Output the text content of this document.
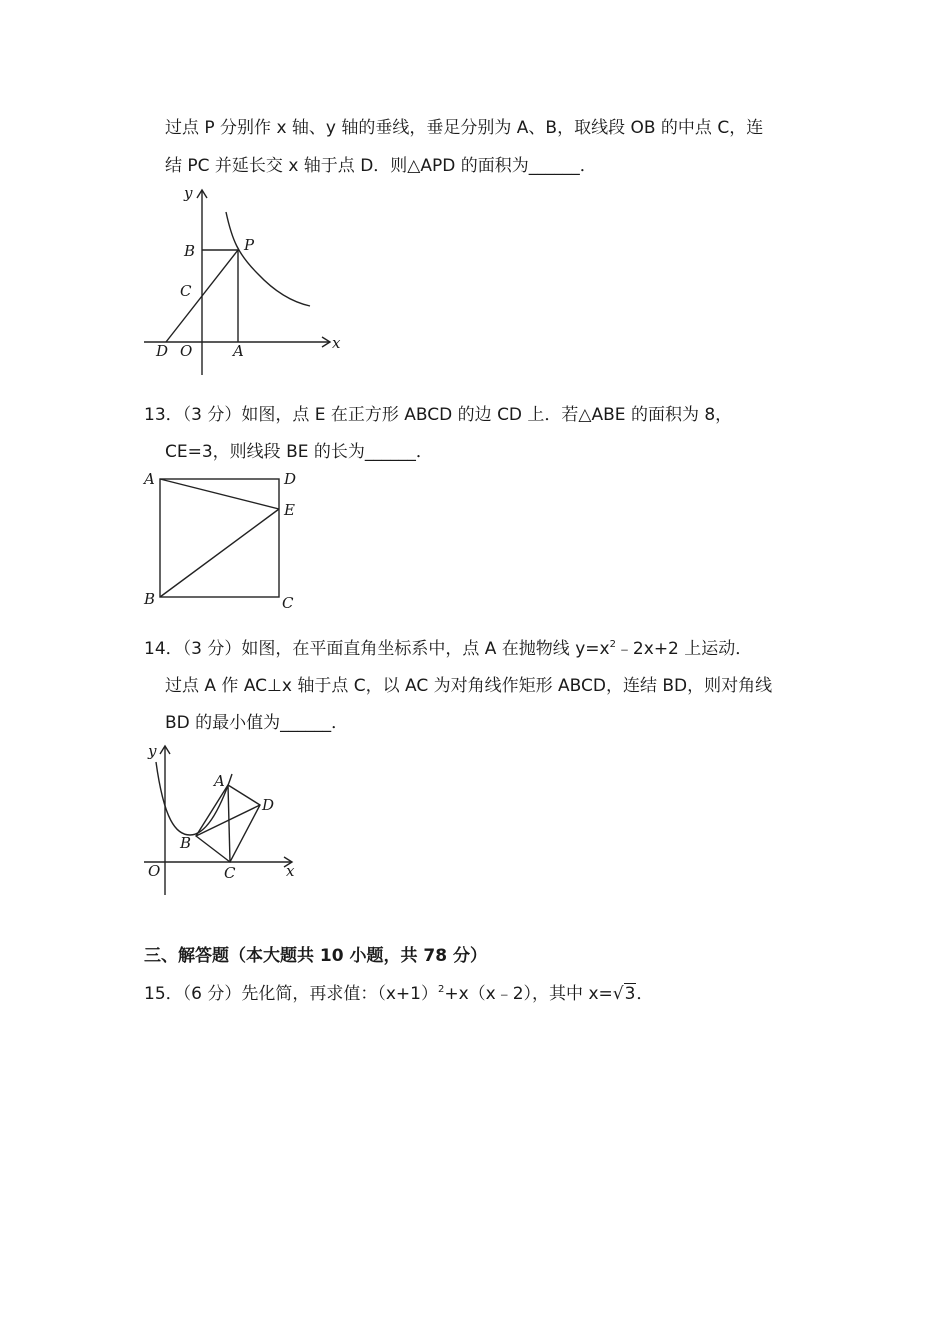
过点 P 分别作 x 轴、y 轴的垂线，垂足分别为 A、B，取线段 OB 的中点 C，连
结 PC 并延长交 x 轴于点 D．则△APD 的面积为______．
y
x
B	P
C
D O	A
13．（3 分）如图，点 E 在正方形 ABCD 的边 CD 上．若△ABE 的面积为 8，
CE=3，则线段 BE 的长为______．
A	D
E
B	C
14．（3 分）如图，在平面直角坐标系中，点 A 在抛物线 $y=x^2﹣2x+2$ 上运动．
过点 A 作 AC⊥x 轴于点 C，以 AC 为对角线作矩形 ABCD，连结 BD，则对角线
BD 的最小值为______．
y
A
D
B
O	C	x
三、解答题（本大题共 10 小题，共 78 分）
15．（6 分）先化简，再求值：$(x+1)^2+x(x﹣2)$，其中 x=√3．
